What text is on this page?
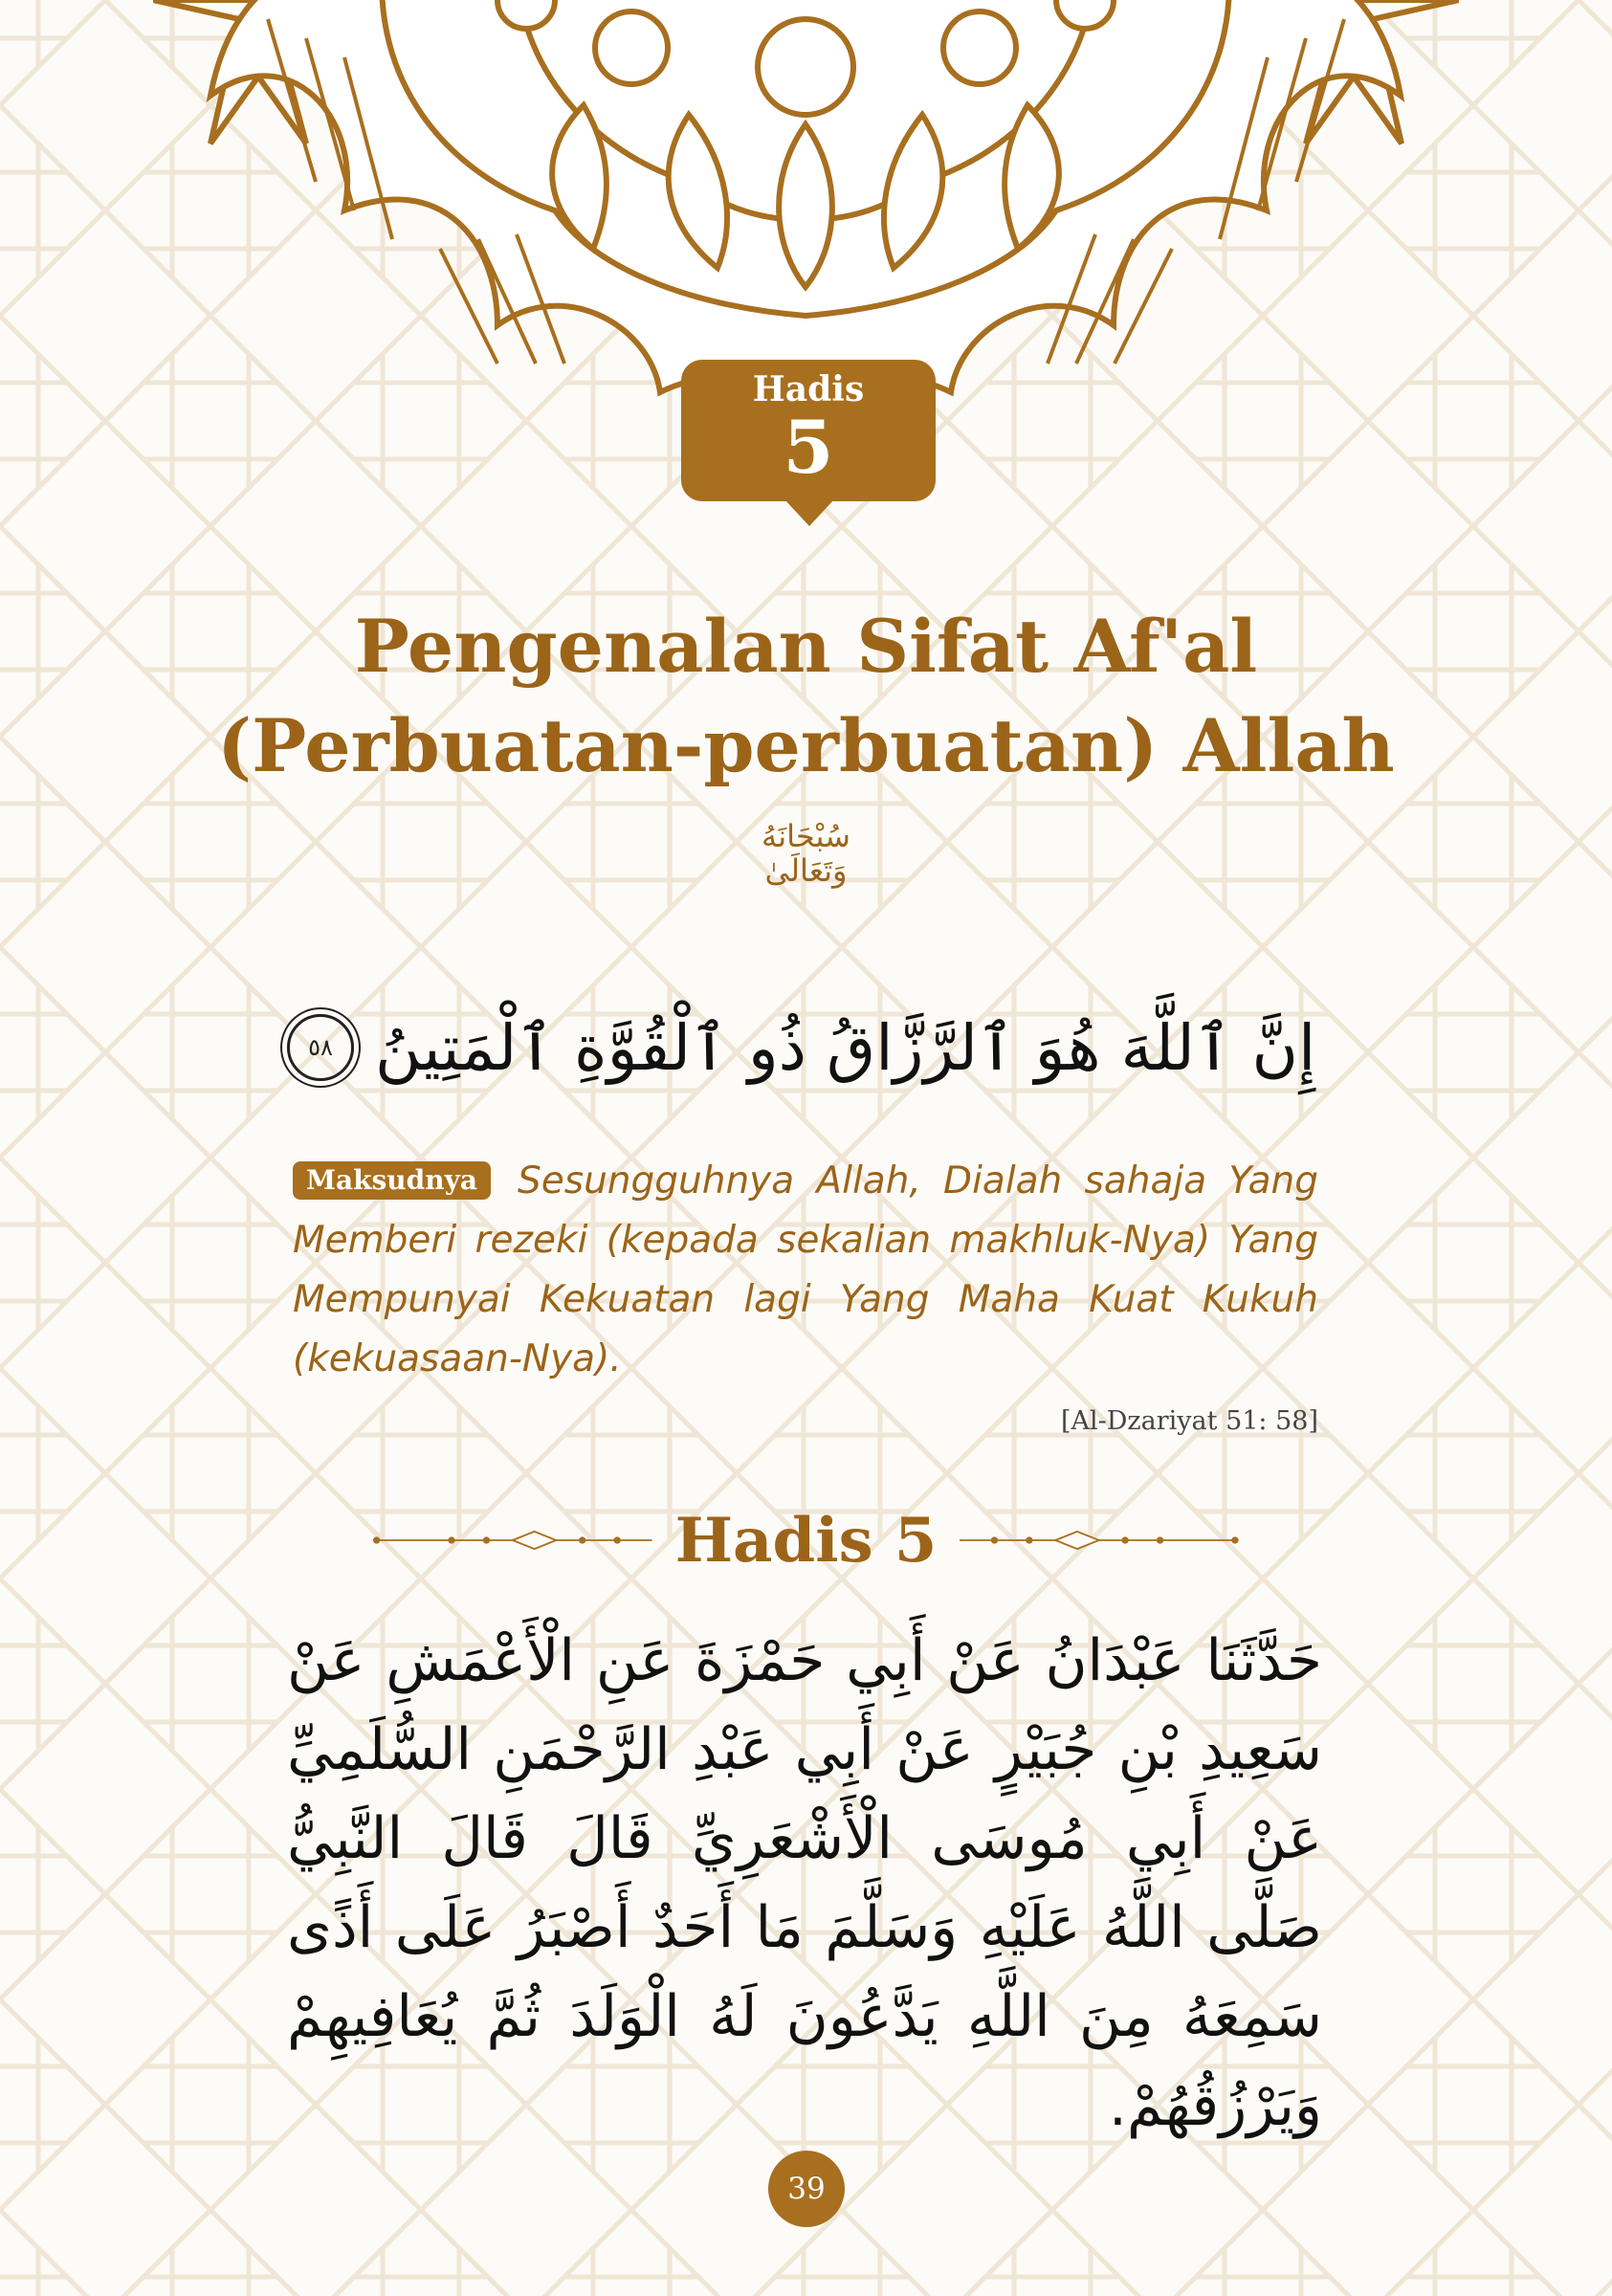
Hadis
5
Pengenalan Sifat Af'al
(Perbuatan-perbuatan) Allah
سُبْحَانَهُ وَتَعَالَىٰ
إِنَّ ٱللَّهَ هُوَ ٱلرَّزَّاقُ ذُو ٱلْقُوَّةِ ٱلْمَتِينُ
٥٨
Maksudnya Sesungguhnya Allah, Dialah sahaja Yang Memberi rezeki (kepada sekalian makhluk-Nya) Yang Mempunyai Kekuatan lagi Yang Maha Kuat Kukuh (kekuasaan-Nya).
[Al-Dzariyat 51: 58]
Hadis 5
حَدَّثَنَا عَبْدَانُ عَنْ أَبِي حَمْزَةَ عَنِ الْأَعْمَشِ عَنْ سَعِيدِ بْنِ جُبَيْرٍ عَنْ أَبِي عَبْدِ الرَّحْمَنِ السُّلَمِيِّ عَنْ أَبِي مُوسَى الْأَشْعَرِيِّ قَالَ قَالَ النَّبِيُّ صَلَّى اللَّهُ عَلَيْهِ وَسَلَّمَ مَا أَحَدٌ أَصْبَرُ عَلَى أَذًى سَمِعَهُ مِنَ اللَّهِ يَدَّعُونَ لَهُ الْوَلَدَ ثُمَّ يُعَافِيهِمْ وَيَرْزُقُهُمْ.
39
